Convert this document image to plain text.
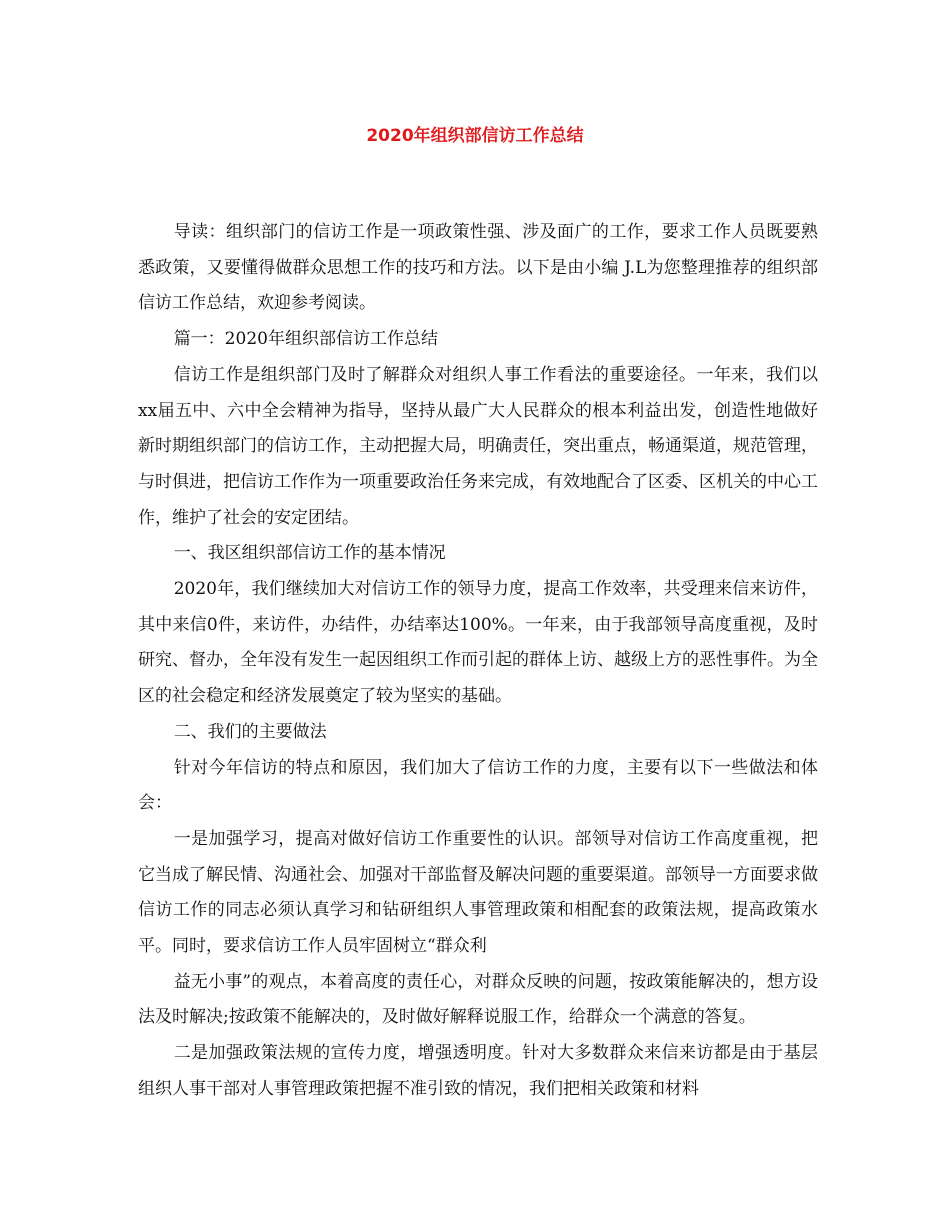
2020年组织部信访工作总结

导读：组织部门的信访工作是一项政策性强、涉及面广的工作，要求工作人员既要熟悉政策，又要懂得做群众思想工作的技巧和方法。以下是由小编 J.L为您整理推荐的组织部信访工作总结，欢迎参考阅读。

篇一：2020年组织部信访工作总结

信访工作是组织部门及时了解群众对组织人事工作看法的重要途径。一年来，我们以xx届五中、六中全会精神为指导，坚持从最广大人民群众的根本利益出发，创造性地做好新时期组织部门的信访工作，主动把握大局，明确责任，突出重点，畅通渠道，规范管理，与时俱进，把信访工作作为一项重要政治任务来完成，有效地配合了区委、区机关的中心工作，维护了社会的安定团结。

一、我区组织部信访工作的基本情况

2020年，我们继续加大对信访工作的领导力度，提高工作效率，共受理来信来访件，其中来信0件，来访件，办结件，办结率达100%。一年来，由于我部领导高度重视，及时研究、督办，全年没有发生一起因组织工作而引起的群体上访、越级上方的恶性事件。为全区的社会稳定和经济发展奠定了较为坚实的基础。

二、我们的主要做法

针对今年信访的特点和原因，我们加大了信访工作的力度，主要有以下一些做法和体会：

一是加强学习，提高对做好信访工作重要性的认识。部领导对信访工作高度重视，把它当成了解民情、沟通社会、加强对干部监督及解决问题的重要渠道。部领导一方面要求做信访工作的同志必须认真学习和钻研组织人事管理政策和相配套的政策法规，提高政策水平。同时，要求信访工作人员牢固树立“群众利

益无小事”的观点，本着高度的责任心，对群众反映的问题，按政策能解决的，想方设法及时解决;按政策不能解决的，及时做好解释说服工作，给群众一个满意的答复。

二是加强政策法规的宣传力度，增强透明度。针对大多数群众来信来访都是由于基层组织人事干部对人事管理政策把握不准引致的情况，我们把相关政策和材料
